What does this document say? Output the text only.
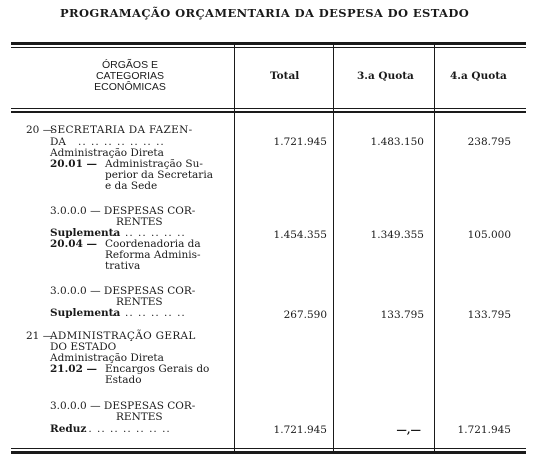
PROGRAMAÇÃO ORÇAMENTARIA DA DESPESA DO ESTADO
ÓRGÃOS E
CATEGORIAS
ECONÔMICAS
Total	3.a Quota	4.a Quota
20 —
SECRETARIA DA FAZEN-
DA .. .. .. .. .. .. ..
Administração Direta
20.01 — Administração Su-
perior da Secretaria
e da Sede
1.721.945	1.483.150	238.795
3.0.0.0 — DESPESAS COR-
RENTES
Suplementa
.. .. .. .. .. ..
20.04 — Coordenadoria da
Reforma Adminis-
trativa
1.454.355	1.349.355	105.000
3.0.0.0 — DESPESAS COR-
RENTES
Suplementa
.. .. .. .. .. ..	267.590	133.795	133.795
21 —
ADMINISTRAÇÃO GERAL
DO ESTADO
Administração Direta
21.02 — Encargos Gerais do
Estado
3.0.0.0 — DESPESAS COR-
RENTES
Reduz
.. .. .. .. .. .. ..	1.721.945	—,—	1.721.945
